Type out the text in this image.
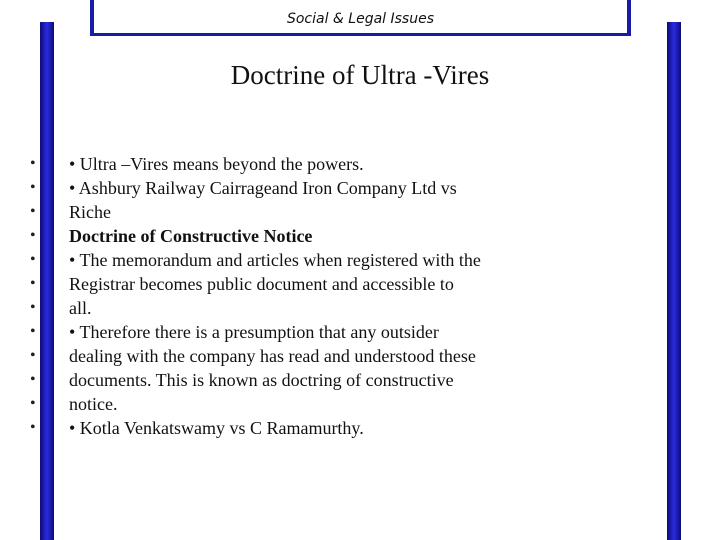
Social & Legal Issues
Doctrine of Ultra -Vires
•
•
•
•
•
•
•
•
•
•
•
•
• Ultra –Vires means beyond the powers.
• Ashbury Railway Cairrageand Iron Company Ltd vs
Riche
Doctrine of Constructive Notice
• The memorandum and articles when registered with the
Registrar becomes public document and accessible to
all.
• Therefore there is a presumption that any outsider
dealing with the company has read and understood these
documents. This is known as doctring of constructive
notice.
• Kotla Venkatswamy vs C Ramamurthy.
